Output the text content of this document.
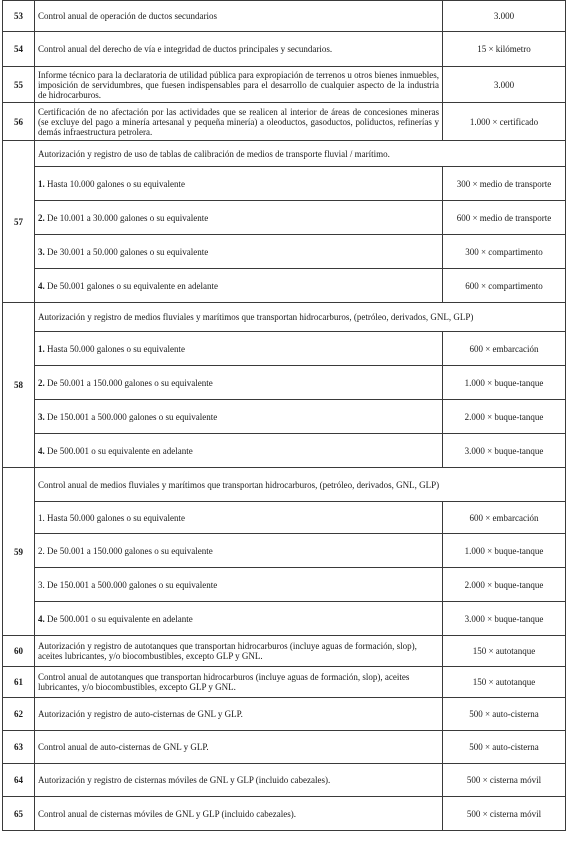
53	Control anual de operación de ductos secundarios	3.000
54	Control anual del derecho de vía e integridad de ductos principales y secundarios.	15 × kilómetro
55	Informe técnico para la declaratoria de utilidad pública para expropiación de terrenos u otros bienes inmuebles, imposición de servidumbres, que fuesen indispensables para el desarrollo de cualquier aspecto de la industria de hidrocarburos.	3.000
56	Certificación de no afectación por las actividades que se realicen al interior de áreas de concesiones mineras (se excluye del pago a minería artesanal y pequeña minería) a oleoductos, gasoductos, poliductos, refinerías y demás infraestructura petrolera.	1.000 × certificado
57	Autorización y registro de uso de tablas de calibración de medios de transporte fluvial / marítimo.	
	1. Hasta 10.000 galones o su equivalente	300 × medio de transporte
	2. De 10.001 a 30.000 galones o su equivalente	600 × medio de transporte
	3. De 30.001 a 50.000 galones o su equivalente	300 × compartimento
	4. De 50.001 galones o su equivalente en adelante	600 × compartimento
58	Autorización y registro de medios fluviales y marítimos que transportan hidrocarburos, (petróleo, derivados, GNL, GLP)	
	1. Hasta 50.000 galones o su equivalente	600 × embarcación
	2. De 50.001 a 150.000 galones o su equivalente	1.000 × buque-tanque
	3. De 150.001 a 500.000 galones o su equivalente	2.000 × buque-tanque
	4. De 500.001 o su equivalente en adelante	3.000 × buque-tanque
59	Control anual de medios fluviales y marítimos que transportan hidrocarburos, (petróleo, derivados, GNL, GLP)	
	1. Hasta 50.000 galones o su equivalente	600 × embarcación
	2. De 50.001 a 150.000 galones o su equivalente	1.000 × buque-tanque
	3. De 150.001 a 500.000 galones o su equivalente	2.000 × buque-tanque
	4. De 500.001 o su equivalente en adelante	3.000 × buque-tanque
60	Autorización y registro de autotanques que transportan hidrocarburos (incluye aguas de formación, slop), aceites lubricantes, y/o biocombustibles, excepto GLP y GNL.	150 × autotanque
61	Control anual de autotanques que transportan hidrocarburos (incluye aguas de formación, slop), aceites lubricantes, y/o biocombustibles, excepto GLP y GNL.	150 × autotanque
62	Autorización y registro de auto-cisternas de GNL y GLP.	500 × auto-cisterna
63	Control anual de auto-cisternas de GNL y GLP.	500 × auto-cisterna
64	Autorización y registro de cisternas móviles de GNL y GLP (incluido cabezales).	500 × cisterna móvil
65	Control anual de cisternas móviles de GNL y GLP (incluido cabezales).	500 × cisterna móvil
